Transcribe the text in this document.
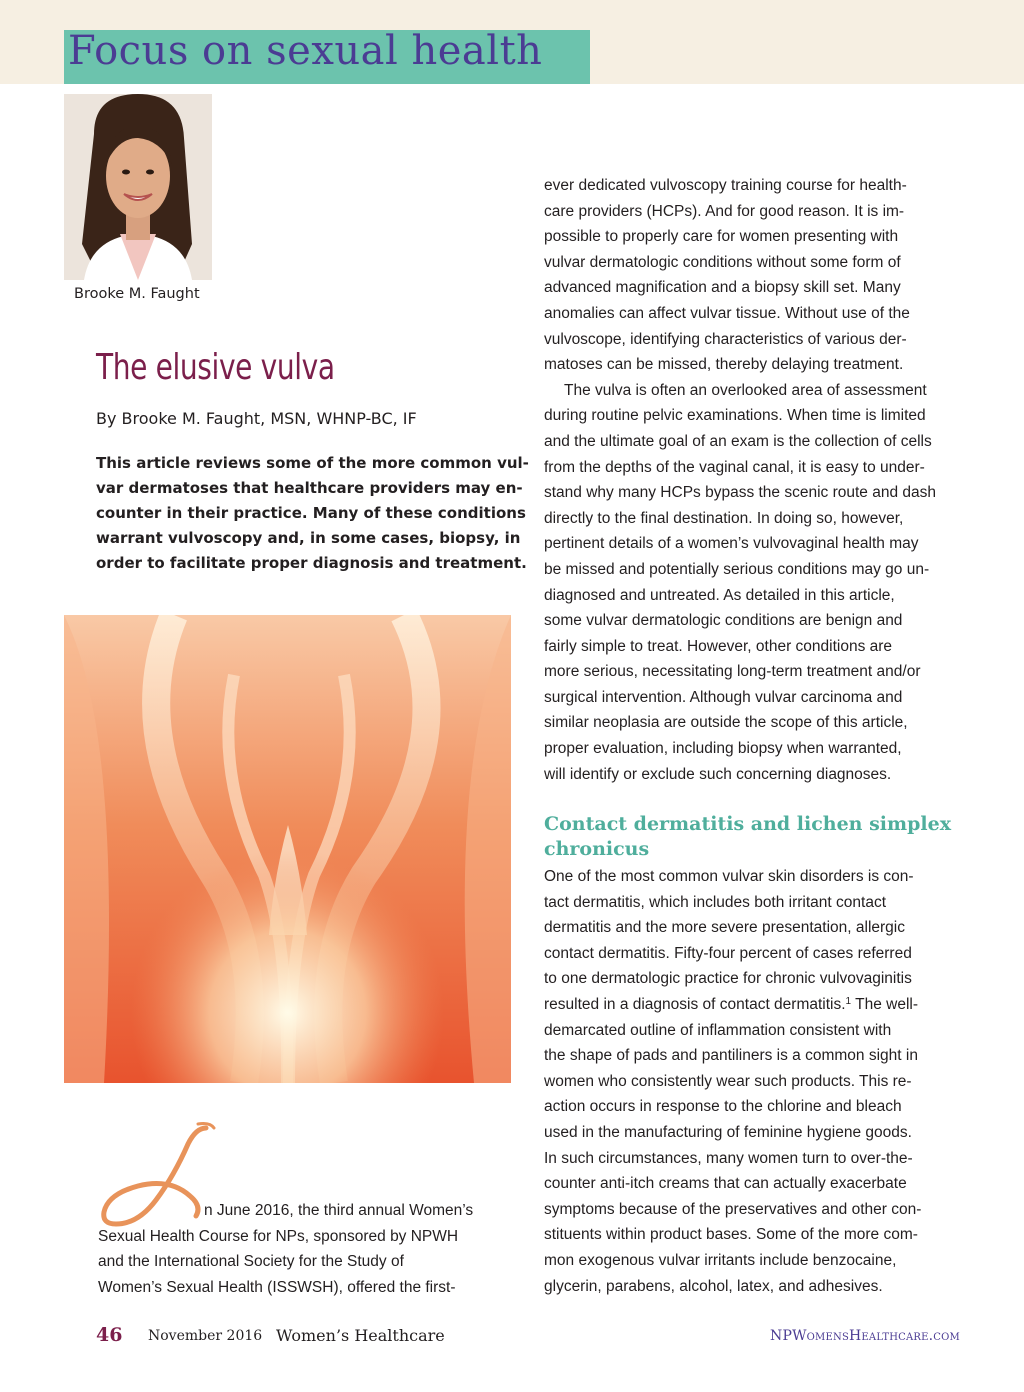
Focus on sexual health
Brooke M. Faught
The elusive vulva
By Brooke M. Faught, MSN, WHNP-BC, IF
This article reviews some of the more common vul-
var dermatoses that healthcare providers may en-
counter in their practice. Many of these conditions
warrant vulvoscopy and, in some cases, biopsy, in
order to facilitate proper diagnosis and treatment.
n June 2016, the third annual Women’s
Sexual Health Course for NPs, sponsored by NPWH
and the International Society for the Study of
Women’s Sexual Health (ISSWSH), offered the first-
ever dedicated vulvoscopy training course for health-
care providers (HCPs). And for good reason. It is im-
possible to properly care for women presenting with
vulvar dermatologic conditions without some form of
advanced magnification and a biopsy skill set. Many
anomalies can affect vulvar tissue. Without use of the
vulvoscope, identifying characteristics of various der-
matoses can be missed, thereby delaying treatment.
The vulva is often an overlooked area of assessment
during routine pelvic examinations. When time is limited
and the ultimate goal of an exam is the collection of cells
from the depths of the vaginal canal, it is easy to under-
stand why many HCPs bypass the scenic route and dash
directly to the final destination. In doing so, however,
pertinent details of a women’s vulvovaginal health may
be missed and potentially serious conditions may go un-
diagnosed and untreated. As detailed in this article,
some vulvar dermatologic conditions are benign and
fairly simple to treat. However, other conditions are
more serious, necessitating long-term treatment and/or
surgical intervention. Although vulvar carcinoma and
similar neoplasia are outside the scope of this article,
proper evaluation, including biopsy when warranted,
will identify or exclude such concerning diagnoses.
Contact dermatitis and lichen simplex
chronicus
One of the most common vulvar skin disorders is con-
tact dermatitis, which includes both irritant contact
dermatitis and the more severe presentation, allergic
contact dermatitis. Fifty-four percent of cases referred
to one dermatologic practice for chronic vulvovaginitis
resulted in a diagnosis of contact dermatitis.$^1$ The well-
demarcated outline of inflammation consistent with
the shape of pads and pantiliners is a common sight in
women who consistently wear such products. This re-
action occurs in response to the chlorine and bleach
used in the manufacturing of feminine hygiene goods.
In such circumstances, many women turn to over-the-
counter anti-itch creams that can actually exacerbate
symptoms because of the preservatives and other con-
stituents within product bases. Some of the more com-
mon exogenous vulvar irritants include benzocaine,
glycerin, parabens, alcohol, latex, and adhesives.
46 November 2016 Women’s Healthcare	NPWomensHealthcare.com
